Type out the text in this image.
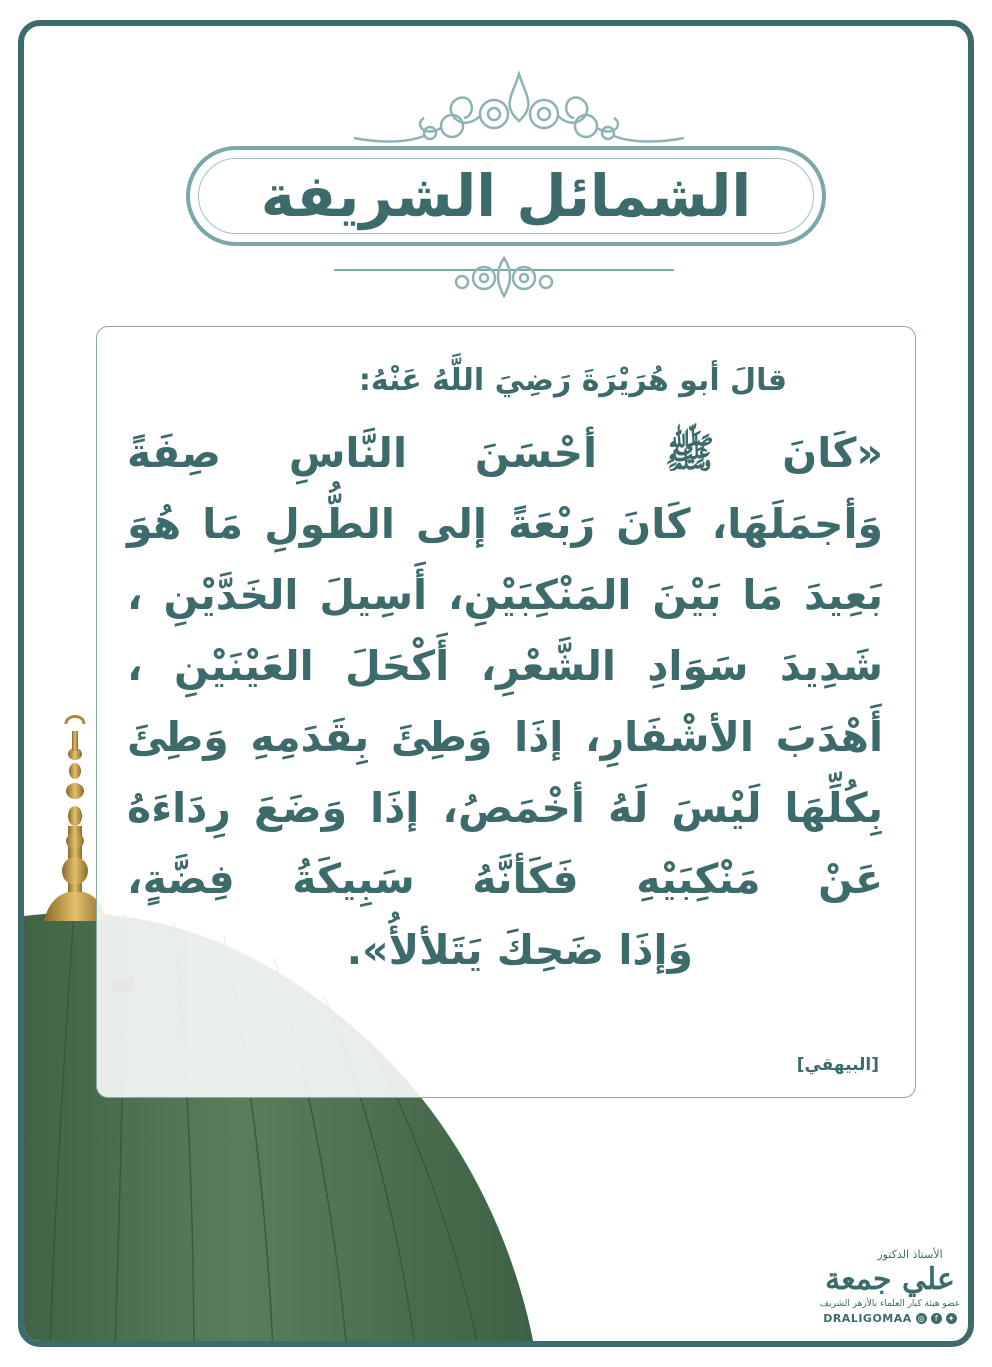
الشمائل الشريفة
قالَ أبو هُرَيْرَةَ رَضِيَ اللَّهُ عَنْهُ:
«كَانَ ﷺ أحْسَنَ النَّاسِ صِفَةً
وَأجمَلَهَا، كَانَ رَبْعَةً إلى الطُّولِ مَا هُوَ
بَعِيدَ مَا بَيْنَ المَنْكِبَيْنِ، أَسِيلَ الخَدَّيْنِ ،
شَدِيدَ سَوَادِ الشَّعْرِ، أَكْحَلَ العَيْنَيْنِ ،
أَهْدَبَ الأشْفَارِ، إذَا وَطِئَ بِقَدَمِهِ وَطِئَ
بِكُلِّهَا لَيْسَ لَهُ أخْمَصُ، إذَا وَضَعَ رِدَاءَهُ
عَنْ مَنْكِبَيْهِ فَكَأنَّهُ سَبِيكَةُ فِضَّةٍ،
وَإذَا ضَحِكَ يَتَلألأُ».
[البيهقي]
الأستاذ الدكتور
علي جمعة
عضو هيئة كبار العلماء بالأزهر الشريف
DRALIGOMAA ◎	f	✦
